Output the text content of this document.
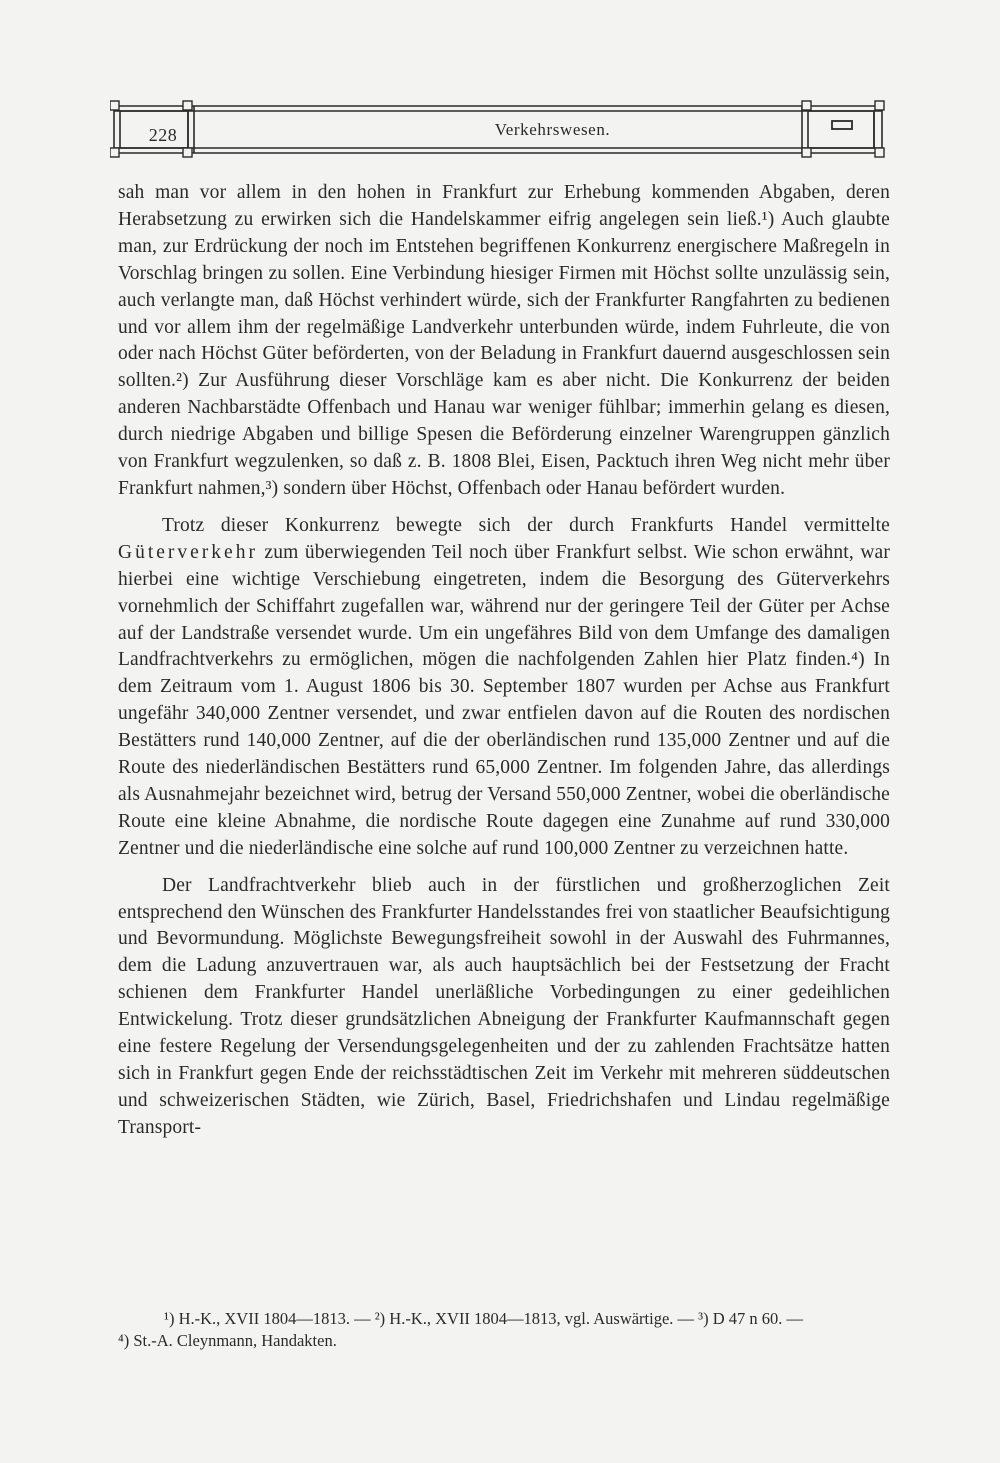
228	Verkehrswesen.

sah man vor allem in den hohen in Frankfurt zur Erhebung kommenden Abgaben, deren Herabsetzung zu erwirken sich die Handelskammer eifrig angelegen sein ließ.¹) Auch glaubte man, zur Erdrückung der noch im Entstehen begriffenen Konkurrenz energischere Maßregeln in Vorschlag bringen zu sollen. Eine Verbindung hiesiger Firmen mit Höchst sollte unzulässig sein, auch verlangte man, daß Höchst verhindert würde, sich der Frankfurter Rangfahrten zu bedienen und vor allem ihm der regelmäßige Landverkehr unterbunden würde, indem Fuhrleute, die von oder nach Höchst Güter beförderten, von der Beladung in Frankfurt dauernd ausgeschlossen sein sollten.²) Zur Ausführung dieser Vorschläge kam es aber nicht. Die Konkurrenz der beiden anderen Nachbarstädte Offenbach und Hanau war weniger fühlbar; immerhin gelang es diesen, durch niedrige Abgaben und billige Spesen die Beförderung einzelner Warengruppen gänzlich von Frankfurt wegzulenken, so daß z. B. 1808 Blei, Eisen, Packtuch ihren Weg nicht mehr über Frankfurt nahmen,³) sondern über Höchst, Offenbach oder Hanau befördert wurden.

Trotz dieser Konkurrenz bewegte sich der durch Frankfurts Handel vermittelte Güterverkehr zum überwiegenden Teil noch über Frankfurt selbst. Wie schon erwähnt, war hierbei eine wichtige Verschiebung eingetreten, indem die Besorgung des Güterverkehrs vornehmlich der Schiffahrt zugefallen war, während nur der geringere Teil der Güter per Achse auf der Landstraße versendet wurde. Um ein ungefähres Bild von dem Umfange des damaligen Landfrachtverkehrs zu ermöglichen, mögen die nachfolgenden Zahlen hier Platz finden.⁴) In dem Zeitraum vom 1. August 1806 bis 30. September 1807 wurden per Achse aus Frankfurt ungefähr 340,000 Zentner versendet, und zwar entfielen davon auf die Routen des nordischen Bestätters rund 140,000 Zentner, auf die der oberländischen rund 135,000 Zentner und auf die Route des niederländischen Bestätters rund 65,000 Zentner. Im folgenden Jahre, das allerdings als Ausnahmejahr bezeichnet wird, betrug der Versand 550,000 Zentner, wobei die oberländische Route eine kleine Abnahme, die nordische Route dagegen eine Zunahme auf rund 330,000 Zentner und die niederländische eine solche auf rund 100,000 Zentner zu verzeichnen hatte.

Der Landfrachtverkehr blieb auch in der fürstlichen und großherzoglichen Zeit entsprechend den Wünschen des Frankfurter Handelsstandes frei von staatlicher Beaufsichtigung und Bevormundung. Möglichste Bewegungsfreiheit sowohl in der Auswahl des Fuhrmannes, dem die Ladung anzuvertrauen war, als auch hauptsächlich bei der Festsetzung der Fracht schienen dem Frankfurter Handel unerläßliche Vorbedingungen zu einer gedeihlichen Entwickelung. Trotz dieser grundsätzlichen Abneigung der Frankfurter Kaufmannschaft gegen eine festere Regelung der Versendungsgelegenheiten und der zu zahlenden Frachtsätze hatten sich in Frankfurt gegen Ende der reichsstädtischen Zeit im Verkehr mit mehreren süddeutschen und schweizerischen Städten, wie Zürich, Basel, Friedrichshafen und Lindau regelmäßige Transport-

¹) H.-K., XVII 1804—1813. — ²) H.-K., XVII 1804—1813, vgl. Auswärtige. — ³) D 47 n 60. —
⁴) St.-A. Cleynmann, Handakten.
